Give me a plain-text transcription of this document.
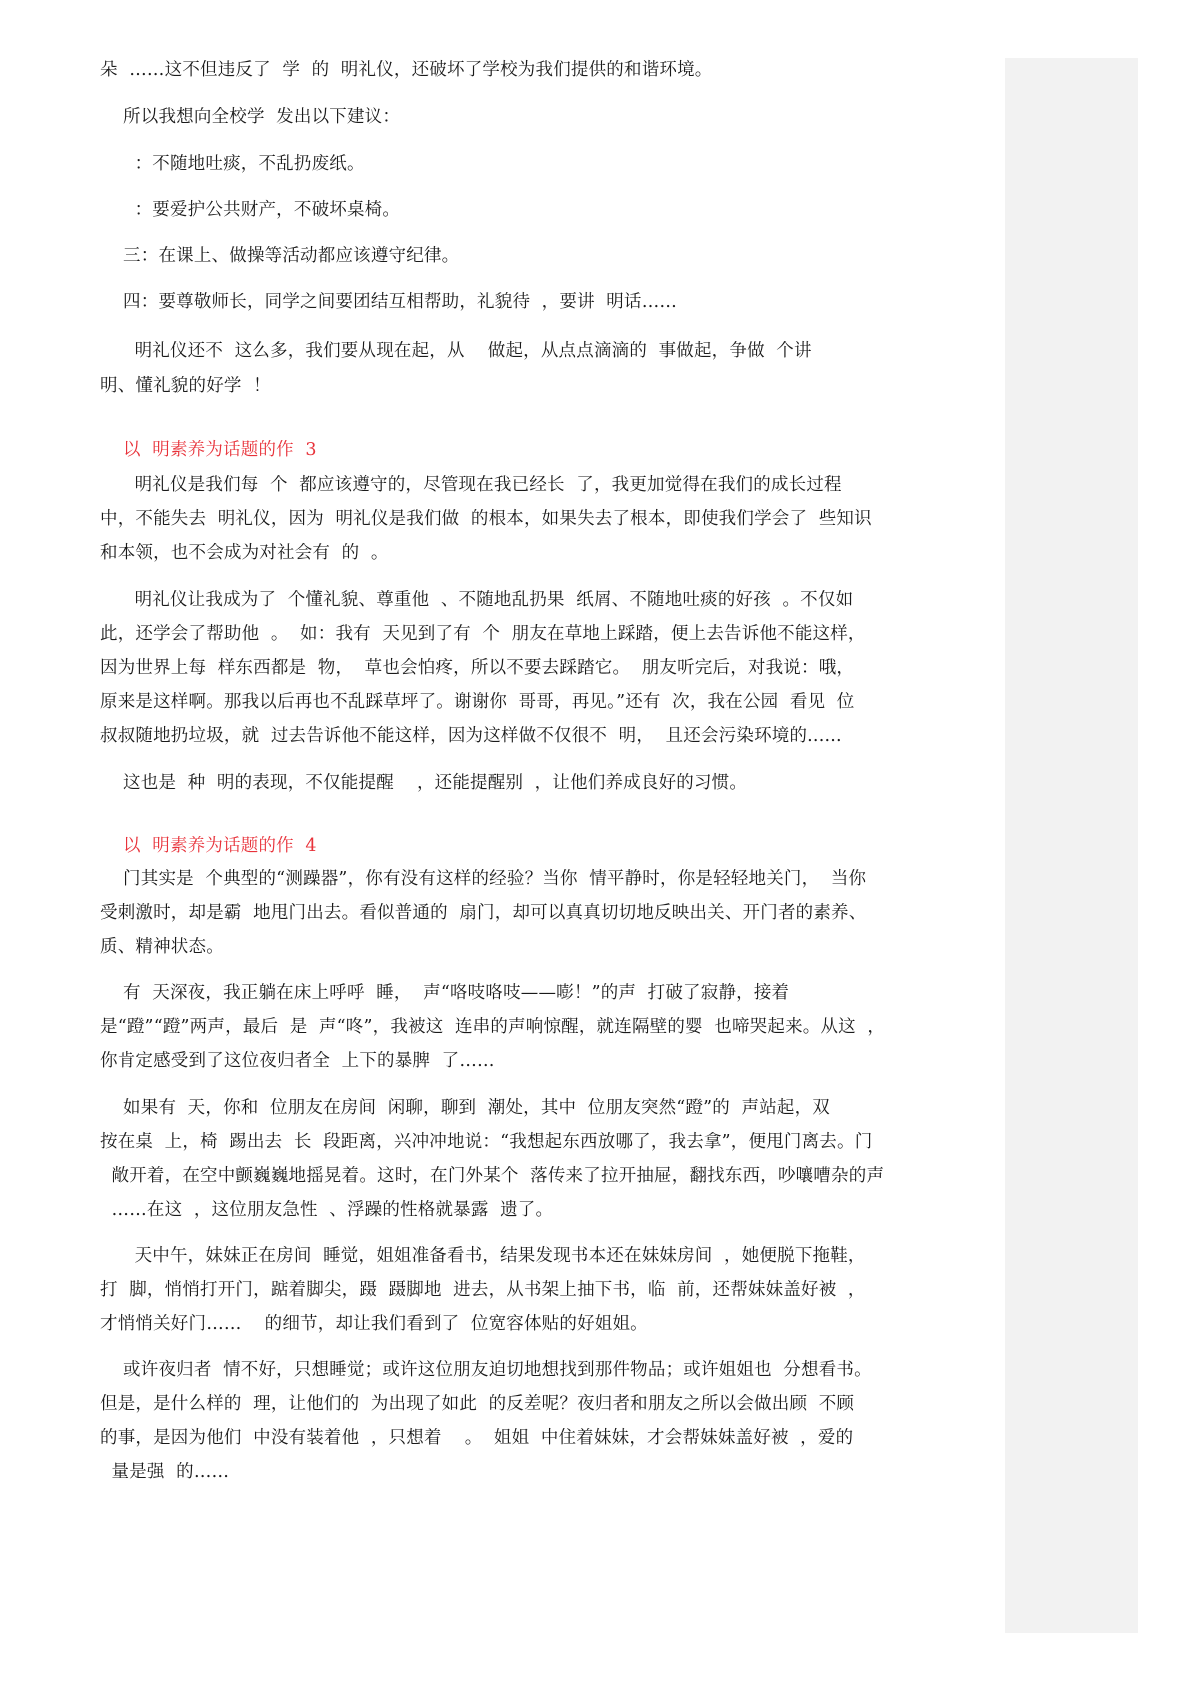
朵  ……这不但违反了  学  的  明礼仪，还破坏了学校为我们提供的和谐环境。
所以我想向全校学  发出以下建议：
：不随地吐痰，不乱扔废纸。
：要爱护公共财产，不破坏桌椅。
三：在课上、做操等活动都应该遵守纪律。
四：要尊敬师长，同学之间要团结互相帮助，礼貌待  ，要讲  明话……
明礼仪还不  这么多，我们要从现在起，从    做起，从点点滴滴的  事做起，争做  个讲
明、懂礼貌的好学  ！
以  明素养为话题的作  3
明礼仪是我们每  个  都应该遵守的，尽管现在我已经长  了，我更加觉得在我们的成长过程
中，不能失去  明礼仪，因为  明礼仪是我们做  的根本，如果失去了根本，即使我们学会了  些知识
和本领，也不会成为对社会有  的  。
明礼仪让我成为了  个懂礼貌、尊重他  、不随地乱扔果  纸屑、不随地吐痰的好孩  。不仅如
此，还学会了帮助他  。  如：我有  天见到了有  个  朋友在草地上踩踏，便上去告诉他不能这样，
因为世界上每  样东西都是  物，  草也会怕疼，所以不要去踩踏它。  朋友听完后，对我说：哦，
原来是这样啊。那我以后再也不乱踩草坪了。谢谢你  哥哥，再见。”还有  次，我在公园  看见  位
叔叔随地扔垃圾，就  过去告诉他不能这样，因为这样做不仅很不  明，  且还会污染环境的......
这也是  种  明的表现，不仅能提醒    ，还能提醒别  ，让他们养成良好的习惯。
以  明素养为话题的作  4
门其实是  个典型的“测躁器”，你有没有这样的经验？当你  情平静时，你是轻轻地关门，  当你
受刺激时，却是霸  地甩门出去。看似普通的  扇门，却可以真真切切地反映出关、开门者的素养、
质、精神状态。
有  天深夜，我正躺在床上呼呼  睡，  声“咯吱咯吱——嘭！”的声  打破了寂静，接着
是“蹬”“蹬”两声，最后  是  声“咚”，我被这  连串的声响惊醒，就连隔壁的婴  也啼哭起来。从这  ，
你肯定感受到了这位夜归者全  上下的暴脾  了……
如果有  天，你和  位朋友在房间  闲聊，聊到  潮处，其中  位朋友突然“蹬”的  声站起，双
按在桌  上，椅  踢出去  长  段距离，兴冲冲地说：“我想起东西放哪了，我去拿”，便甩门离去。门
敞开着，在空中颤巍巍地摇晃着。这时，在门外某个  落传来了拉开抽屉，翻找东西，吵嚷嘈杂的声
……在这  ，这位朋友急性  、浮躁的性格就暴露  遗了。
天中午，妹妹正在房间  睡觉，姐姐准备看书，结果发现书本还在妹妹房间  ，她便脱下拖鞋，
打  脚，悄悄打开门，踮着脚尖，蹑  蹑脚地  进去，从书架上抽下书，临  前，还帮妹妹盖好被  ，
才悄悄关好门……    的细节，却让我们看到了  位宽容体贴的好姐姐。
或许夜归者  情不好，只想睡觉；或许这位朋友迫切地想找到那件物品；或许姐姐也  分想看书。
但是，是什么样的  理，让他们的  为出现了如此  的反差呢？夜归者和朋友之所以会做出顾  不顾
的事，是因为他们  中没有装着他  ，只想着    。  姐姐  中住着妹妹，才会帮妹妹盖好被  ，爱的
量是强  的……
